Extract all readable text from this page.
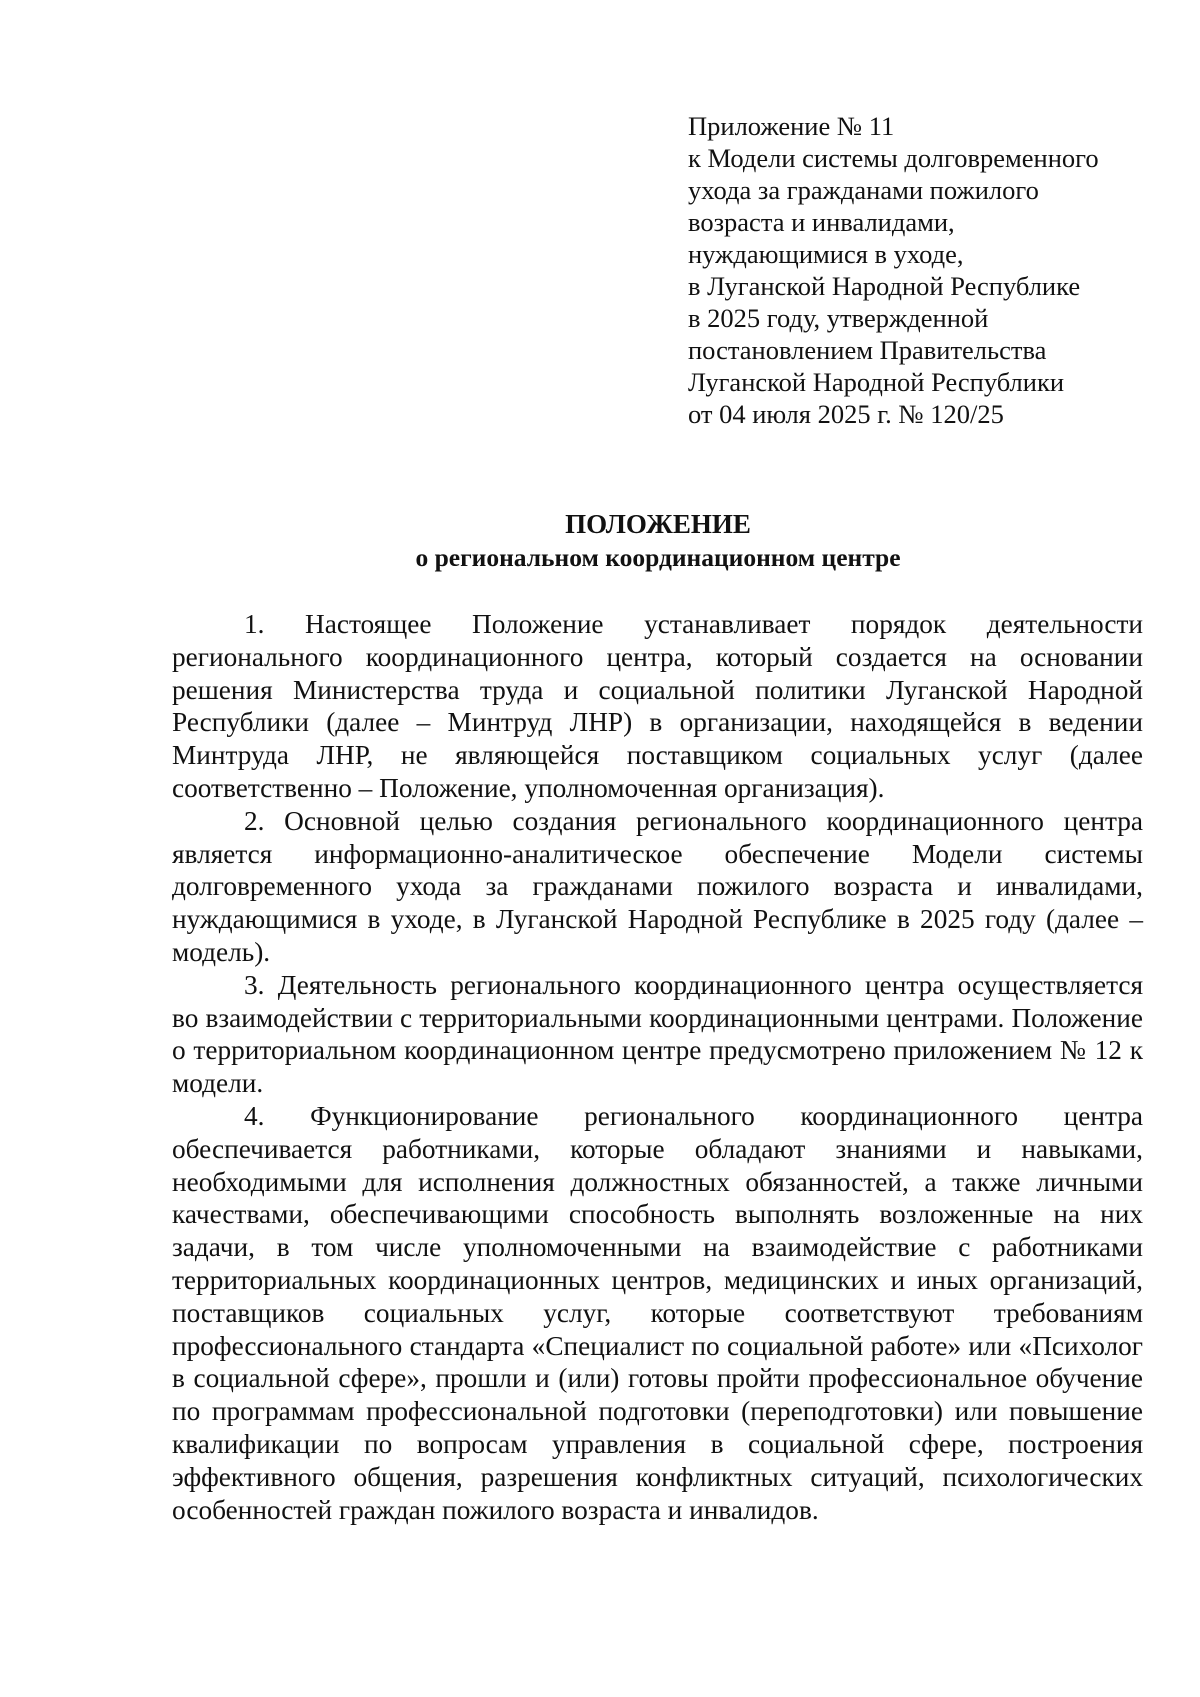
Приложение № 11
к Модели системы долговременного
ухода за гражданами пожилого
возраста и инвалидами,
нуждающимися в уходе,
в Луганской Народной Республике
в 2025 году, утвержденной
постановлением Правительства
Луганской Народной Республики
от 04 июля 2025 г. № 120/25
ПОЛОЖЕНИЕ
о региональном координационном центре

1. Настоящее Положение устанавливает порядок деятельности регионального координационного центра, который создается на основании решения Министерства труда и социальной политики Луганской Народной Республики (далее – Минтруд ЛНР) в организации, находящейся в ведении Минтруда ЛНР, не являющейся поставщиком социальных услуг (далее соответственно – Положение, уполномоченная организация).

2. Основной целью создания регионального координационного центра является информационно-аналитическое обеспечение Модели системы долговременного ухода за гражданами пожилого возраста и инвалидами, нуждающимися в уходе, в Луганской Народной Республике в 2025 году (далее – модель).

3. Деятельность регионального координационного центра осуществляется во взаимодействии с территориальными координационными центрами. Положение о территориальном координационном центре предусмотрено приложением № 12 к модели.

4. Функционирование регионального координационного центра обеспечивается работниками, которые обладают знаниями и навыками, необходимыми для исполнения должностных обязанностей, а также личными качествами, обеспечивающими способность выполнять возложенные на них задачи, в том числе уполномоченными на взаимодействие с работниками территориальных координационных центров, медицинских и иных организаций, поставщиков социальных услуг, которые соответствуют требованиям профессионального стандарта «Специалист по социальной работе» или «Психолог в социальной сфере», прошли и (или) готовы пройти профессиональное обучение по программам профессиональной подготовки (переподготовки) или повышение квалификации по вопросам управления в социальной сфере, построения эффективного общения, разрешения конфликтных ситуаций, психологических особенностей граждан пожилого возраста и инвалидов.
